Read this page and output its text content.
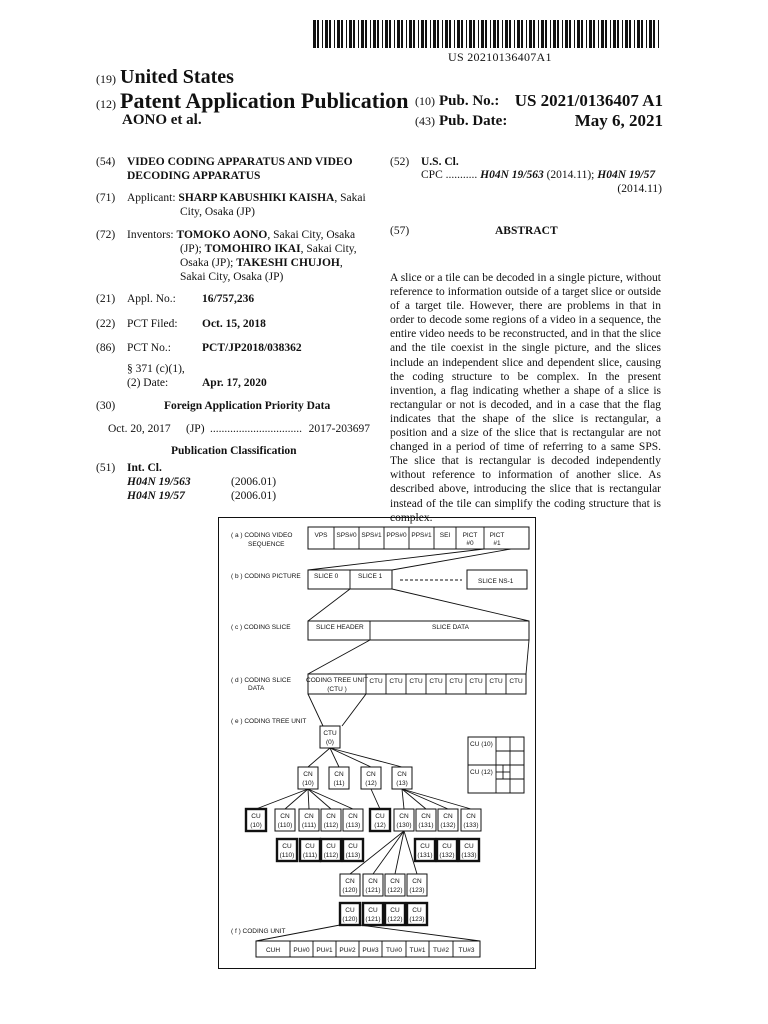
US 20210136407A1
(19) United States
(12) Patent Application Publication
AONO et al.
(10) Pub. No.: US 2021/0136407 A1
(43) Pub. Date:	May 6, 2021
(54) VIDEO CODING APPARATUS AND VIDEO
DECODING APPARATUS
(71) Applicant: SHARP KABUSHIKI KAISHA, Sakai
City, Osaka (JP)
(72) Inventors: TOMOKO AONO, Sakai City, Osaka
(JP); TOMOHIRO IKAI, Sakai City,
Osaka (JP); TAKESHI CHUJOH,
Sakai City, Osaka (JP)
(21) Appl. No.: 16/757,236
(22) PCT Filed: Oct. 15, 2018
(86) PCT No.:	PCT/JP2018/038362
§ 371 (c)(1),
(2) Date:	Apr. 17, 2020
(30)	Foreign Application Priority Data
Oct. 20, 2017 (JP) ................................ 2017-203697
Publication Classification
(51) Int. Cl.
H04N 19/563	(2006.01)
H04N 19/57	(2006.01)
(52) U.S. Cl.
CPC ........... H04N 19/563 (2014.11); H04N 19/57
(2014.11)
(57)	ABSTRACT
A slice or a tile can be decoded in a single picture, without reference to information outside of a target slice or outside of a target tile. However, there are problems in that in order to decode some regions of a video in a sequence, the entire video needs to be reconstructed, and in that the slice and the tile coexist in the single picture, and the slices include an independent slice and dependent slice, causing the coding structure to be complex. In the present invention, a flag indicating whether a shape of a slice is rectangular or not is decoded, and in a case that the flag indicates that the shape of the slice is rectangular, a position and a size of the slice that is rectangular are not changed in a period of time of referring to a same SPS. The slice that is rectangular is decoded independently without reference to information of another slice. As described above, introducing the slice that is rectangular instead of the tile can simplify the coding structure that is complex.
( a ) CODING VIDEO
SEQUENCE
VPS SPS#0 SPS#1 PPS#0 PPS#1 SEI PICT
#0
PICT
#1
( b ) CODING PICTURE SLICE 0	SLICE 1
SLICE NS-1
( c ) CODING SLICE	SLICE HEADER	SLICE DATA
( d ) CODING SLICE
DATA
CODING TREE UNIT
(CTU )
CTU CTU CTU CTU CTU CTU CTU CTU
( e ) CODING TREE UNIT
CTU
(0)
CN
(10)
CN
(11)
CN
(12)
CN
(13)
CU
(10)
CN
(110)
CN
(111)
CN
(112)
CN
(113)
CU
(12)
CN
(130)
CN
(131)
CN
(132)
CN
(133)
CU
(110)
CU
(111)
CU
(112)
CU
(113)
CU
(131)
CU
(132)
CU
(133)
CN
(120)
CN
(121)
CN
(122)
CN
(123)
CU
(120)
CU
(121)
CU
(122)
CU
(123)
CU (10)
CU (12)
( f ) CODING UNIT
CUH PU#0 PU#1 PU#2 PU#3 TU#0 TU#1 TU#2 TU#3
